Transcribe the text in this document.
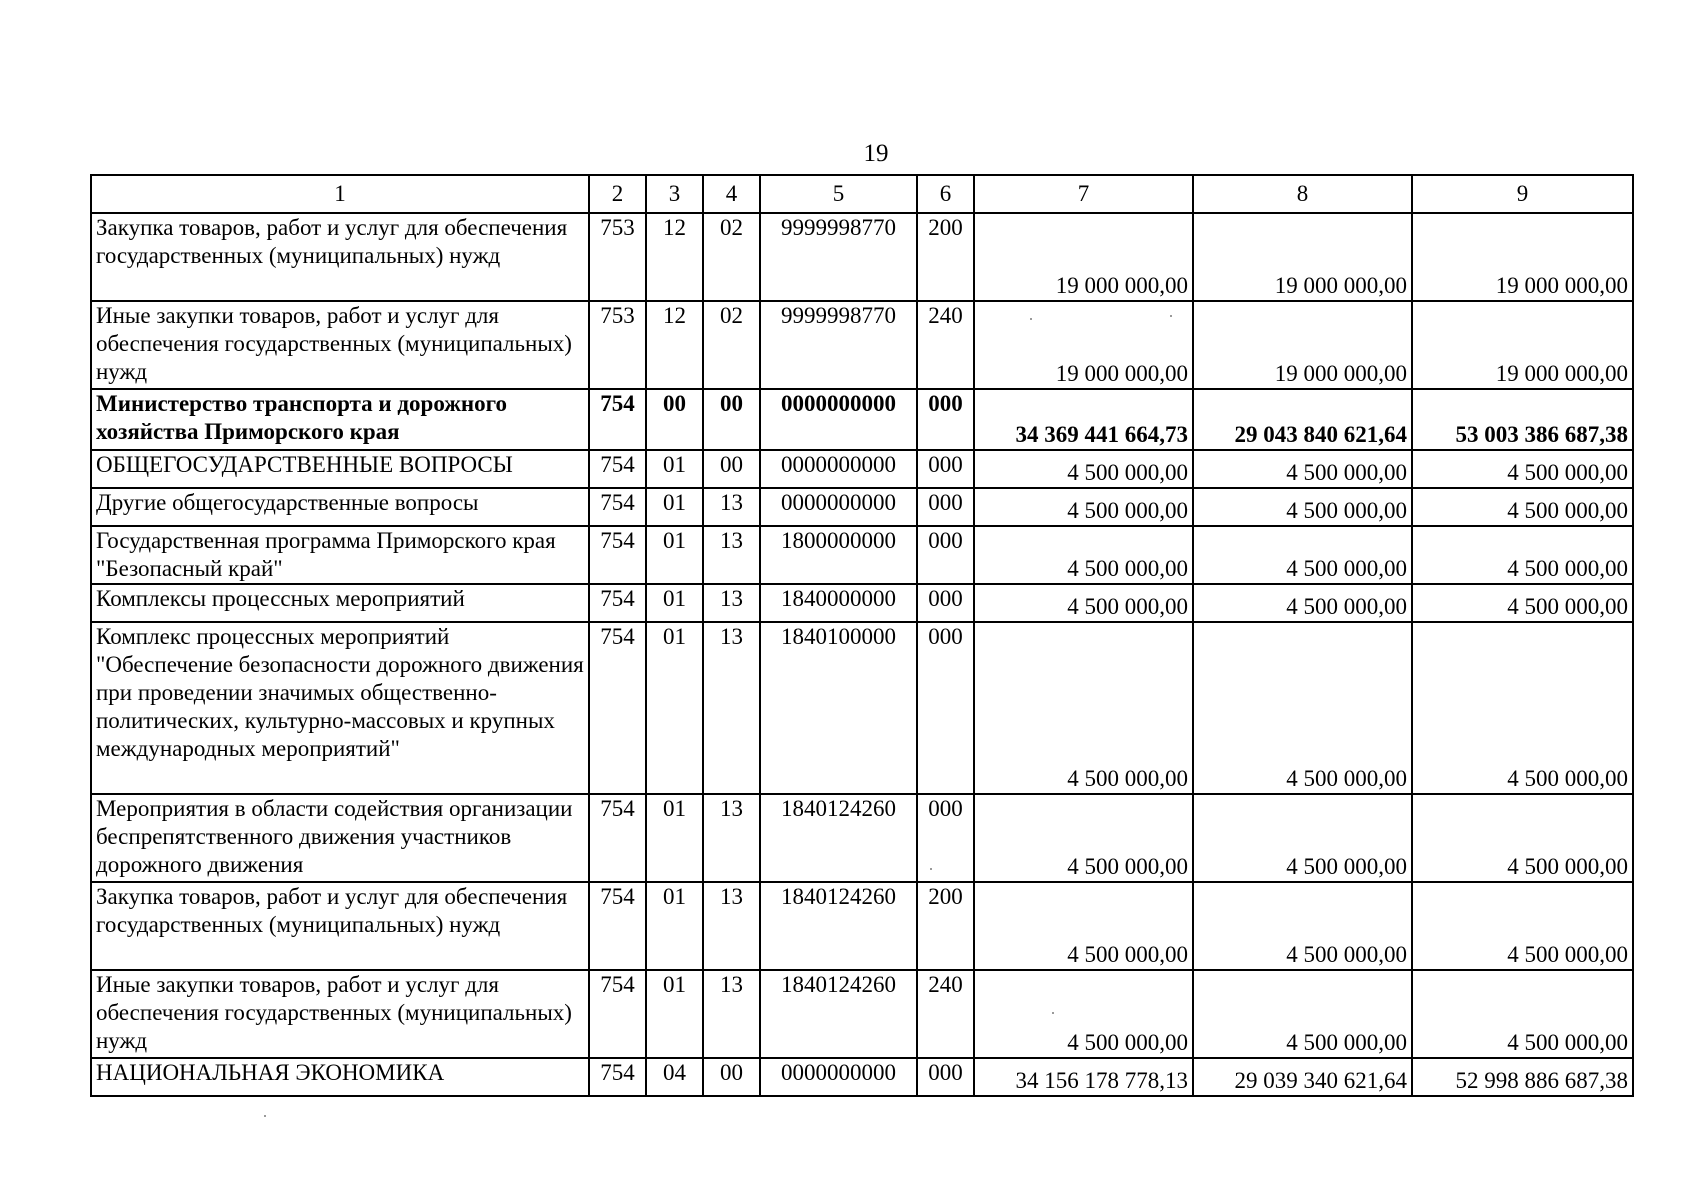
19
1	2	3	4	5	6	7	8	9
Закупка товаров, работ и услуг для обеспечения государственных (муниципальных) нужд	753	12	02	9999998770	200	19 000 000,00	19 000 000,00	19 000 000,00
Иные закупки товаров, работ и услуг для обеспечения государственных (муниципальных) нужд	753	12	02	9999998770	240	19 000 000,00	19 000 000,00	19 000 000,00
Министерство транспорта и дорожного хозяйства Приморского края	754	00	00	0000000000	000	34 369 441 664,73	29 043 840 621,64	53 003 386 687,38
ОБЩЕГОСУДАРСТВЕННЫЕ ВОПРОСЫ	754	01	00	0000000000	000	4 500 000,00	4 500 000,00	4 500 000,00
Другие общегосударственные вопросы	754	01	13	0000000000	000	4 500 000,00	4 500 000,00	4 500 000,00
Государственная программа Приморского края "Безопасный край"	754	01	13	1800000000	000	4 500 000,00	4 500 000,00	4 500 000,00
Комплексы процессных мероприятий	754	01	13	1840000000	000	4 500 000,00	4 500 000,00	4 500 000,00
Комплекс процессных мероприятий "Обеспечение безопасности дорожного движения при проведении значимых общественно-политических, культурно-массовых и крупных международных мероприятий"	754	01	13	1840100000	000	4 500 000,00	4 500 000,00	4 500 000,00
Мероприятия в области содействия организации беспрепятственного движения участников дорожного движения	754	01	13	1840124260	000	4 500 000,00	4 500 000,00	4 500 000,00
Закупка товаров, работ и услуг для обеспечения государственных (муниципальных) нужд	754	01	13	1840124260	200	4 500 000,00	4 500 000,00	4 500 000,00
Иные закупки товаров, работ и услуг для обеспечения государственных (муниципальных) нужд	754	01	13	1840124260	240	4 500 000,00	4 500 000,00	4 500 000,00
НАЦИОНАЛЬНАЯ ЭКОНОМИКА	754	04	00	0000000000	000	34 156 178 778,13	29 039 340 621,64	52 998 886 687,38
